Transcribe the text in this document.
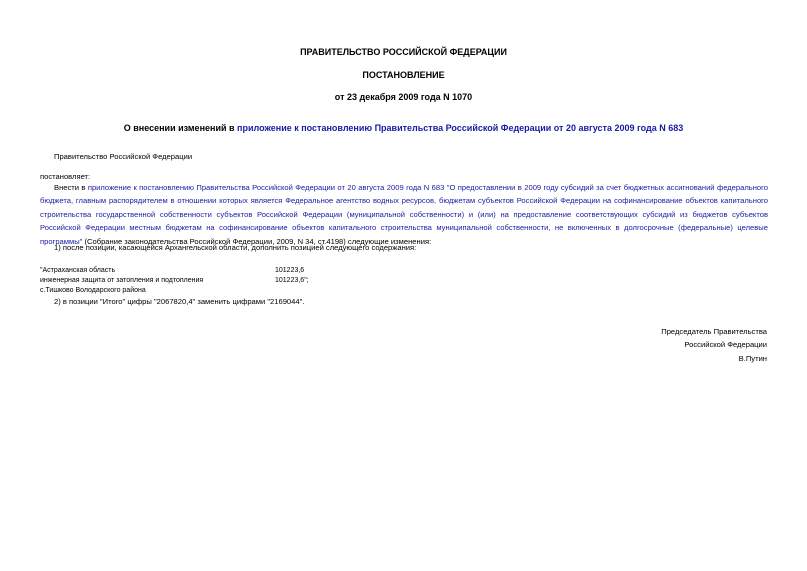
ПРАВИТЕЛЬСТВО РОССИЙСКОЙ ФЕДЕРАЦИИ
ПОСТАНОВЛЕНИЕ
от 23 декабря 2009 года N 1070
О внесении изменений в приложение к постановлению Правительства Российской Федерации от 20 августа 2009 года N 683
Правительство Российской Федерации
постановляет:
Внести в приложение к постановлению Правительства Российской Федерации от 20 августа 2009 года N 683 "О предоставлении в 2009 году субсидий за счет бюджетных ассигнований федерального бюджета, главным распорядителем в отношении которых является Федеральное агентство водных ресурсов, бюджетам субъектов Российской Федерации на софинансирование объектов капитального строительства государственной собственности субъектов Российской Федерации (муниципальной собственности) и (или) на предоставление соответствующих субсидий из бюджетов субъектов Российской Федерации местным бюджетам на софинансирование объектов капитального строительства муниципальной собственности, не включенных в долгосрочные (федеральные) целевые программы" (Собрание законодательства Российской Федерации, 2009, N 34, ст.4198) следующие изменения:
1) после позиции, касающейся Архангельской области, дополнить позицией следующего содержания:
"Астраханская область	101223,6
инженерная защита от затопления и подтопления	101223,6";
с.Тишково Володарского района
2) в позиции "Итого" цифры "2067820,4" заменить цифрами "2169044".
Председатель Правительства
Российской Федерации
В.Путин
